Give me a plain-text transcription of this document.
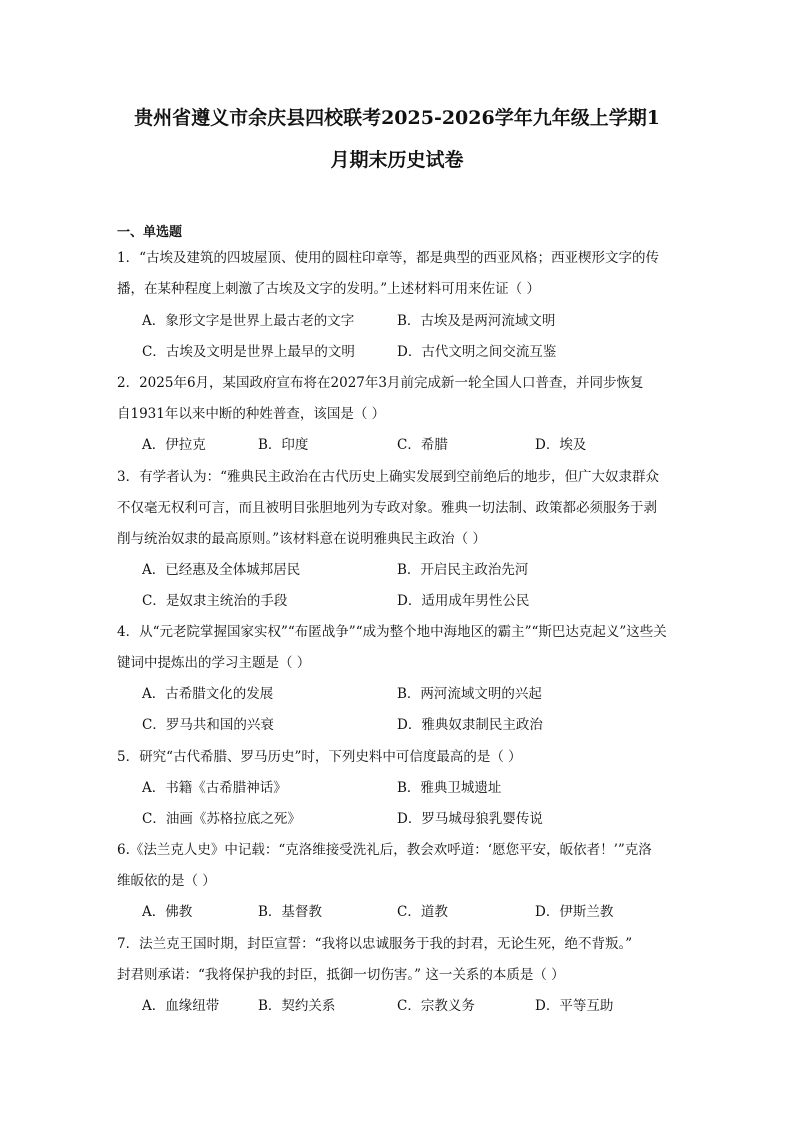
贵州省遵义市余庆县四校联考2025-2026学年九年级上学期1
月期末历史试卷
一、单选题
1．“古埃及建筑的四坡屋顶、使用的圆柱印章等，都是典型的西亚风格；西亚楔形文字的传
播，在某种程度上刺激了古埃及文字的发明。”上述材料可用来佐证（ ）
A．象形文字是世界上最古老的文字	B．古埃及是两河流域文明
C．古埃及文明是世界上最早的文明	D．古代文明之间交流互鉴
2．2025年6月，某国政府宣布将在2027年3月前完成新一轮全国人口普查，并同步恢复
自1931年以来中断的种姓普查，该国是（ ）
A．伊拉克	B．印度	C．希腊	D．埃及
3．有学者认为：“雅典民主政治在古代历史上确实发展到空前绝后的地步，但广大奴隶群众
不仅毫无权利可言，而且被明目张胆地列为专政对象。雅典一切法制、政策都必须服务于剥
削与统治奴隶的最高原则。”该材料意在说明雅典民主政治（ ）
A．已经惠及全体城邦居民	B．开启民主政治先河
C．是奴隶主统治的手段	D．适用成年男性公民
4．从“元老院掌握国家实权”“布匿战争”“成为整个地中海地区的霸主”“斯巴达克起义”这些关
键词中提炼出的学习主题是（ ）
A．古希腊文化的发展	B．两河流域文明的兴起
C．罗马共和国的兴衰	D．雅典奴隶制民主政治
5．研究“古代希腊、罗马历史”时，下列史料中可信度最高的是（ ）
A．书籍《古希腊神话》	B．雅典卫城遗址
C．油画《苏格拉底之死》	D．罗马城母狼乳婴传说
6.《法兰克人史》中记载：“克洛维接受洗礼后，教会欢呼道：‘愿您平安，皈依者！’”克洛
维皈依的是（ ）
A．佛教	B．基督教	C．道教	D．伊斯兰教
7．法兰克王国时期，封臣宣誓：“我将以忠诚服务于我的封君，无论生死，绝不背叛。”
封君则承诺：“我将保护我的封臣，抵御一切伤害。” 这一关系的本质是（ ）
A．血缘纽带	B．契约关系	C．宗教义务	D．平等互助
